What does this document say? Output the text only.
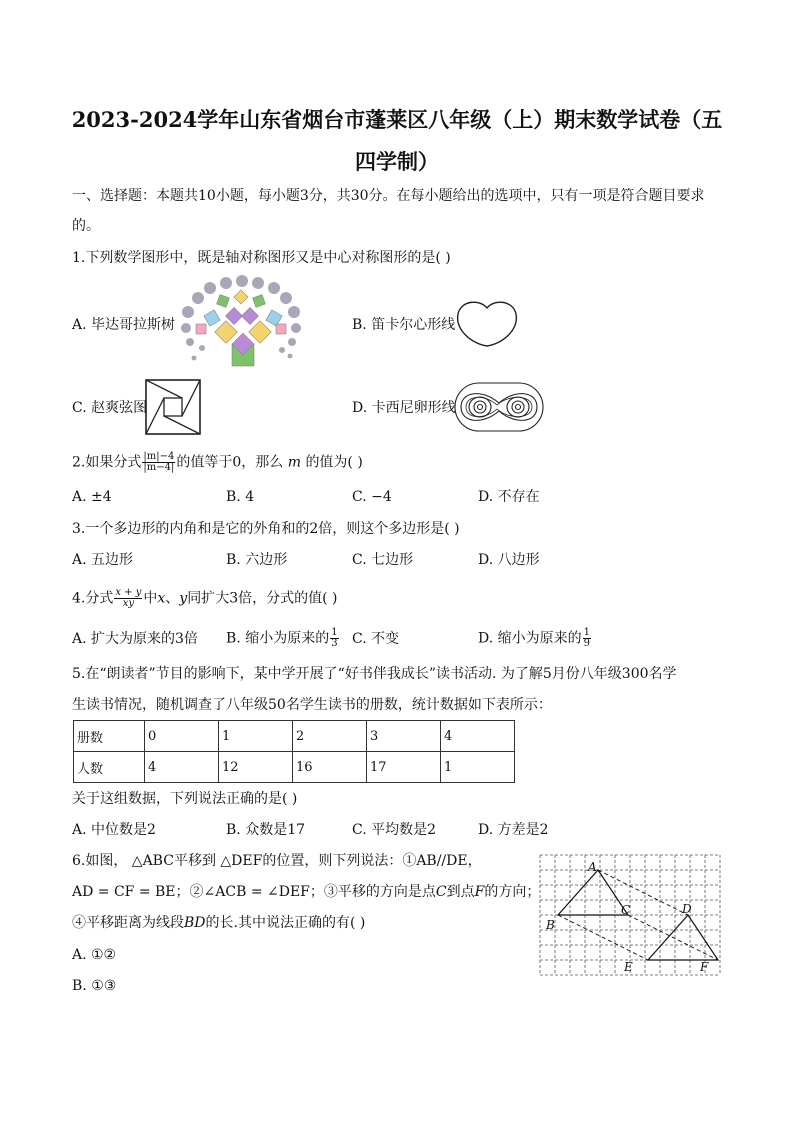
2023-2024学年山东省烟台市蓬莱区八年级（上）期末数学试卷（五
四学制）
一、选择题：本题共10小题，每小题3分，共30分。在每小题给出的选项中，只有一项是符合题目要求
的。
1.下列数学图形中，既是轴对称图形又是中心对称图形的是( )
A. 毕达哥拉斯树	B. 笛卡尔心形线
C. 赵爽弦图	D. 卡西尼卵形线
2.如果分式 $\frac{|m|-4}{|m-4|}$ 的值等于0，那么 m 的值为( )
A. ±4	B. 4	C. −4	D. 不存在
3.一个多边形的内角和是它的外角和的2倍，则这个多边形是( )
A. 五边形	B. 六边形	C. 七边形	D. 八边形
4.分式 $\frac{x + y}{xy}$ 中x、y同扩大3倍，分式的值( )
A. 扩大为原来的3倍 B. 缩小为原来的 $\frac{1}{3} C$. 不变	D. 缩小为原来的 $\frac{1}{9}$
5.在“朗读者”节目的影响下，某中学开展了“好书伴我成长”读书活动. 为了解5月份八年级300名学
生读书情况，随机调查了八年级50名学生读书的册数，统计数据如下表所示：
册数	0	1	2	3	4
人数	4	12	16	17	1
关于这组数据，下列说法正确的是( )
A. 中位数是2	B. 众数是17	C. 平均数是2	D. 方差是2
6.如图， △ABC平移到 △DEF的位置，则下列说法：①AB//DE，
AD = CF = BE；②∠ACB = ∠DEF；③平移的方向是点C到点F的方向；
④平移距离为线段BD的长.其中说法正确的有( )
A. ①②
B. ①③
A
B
C	D
E	F
